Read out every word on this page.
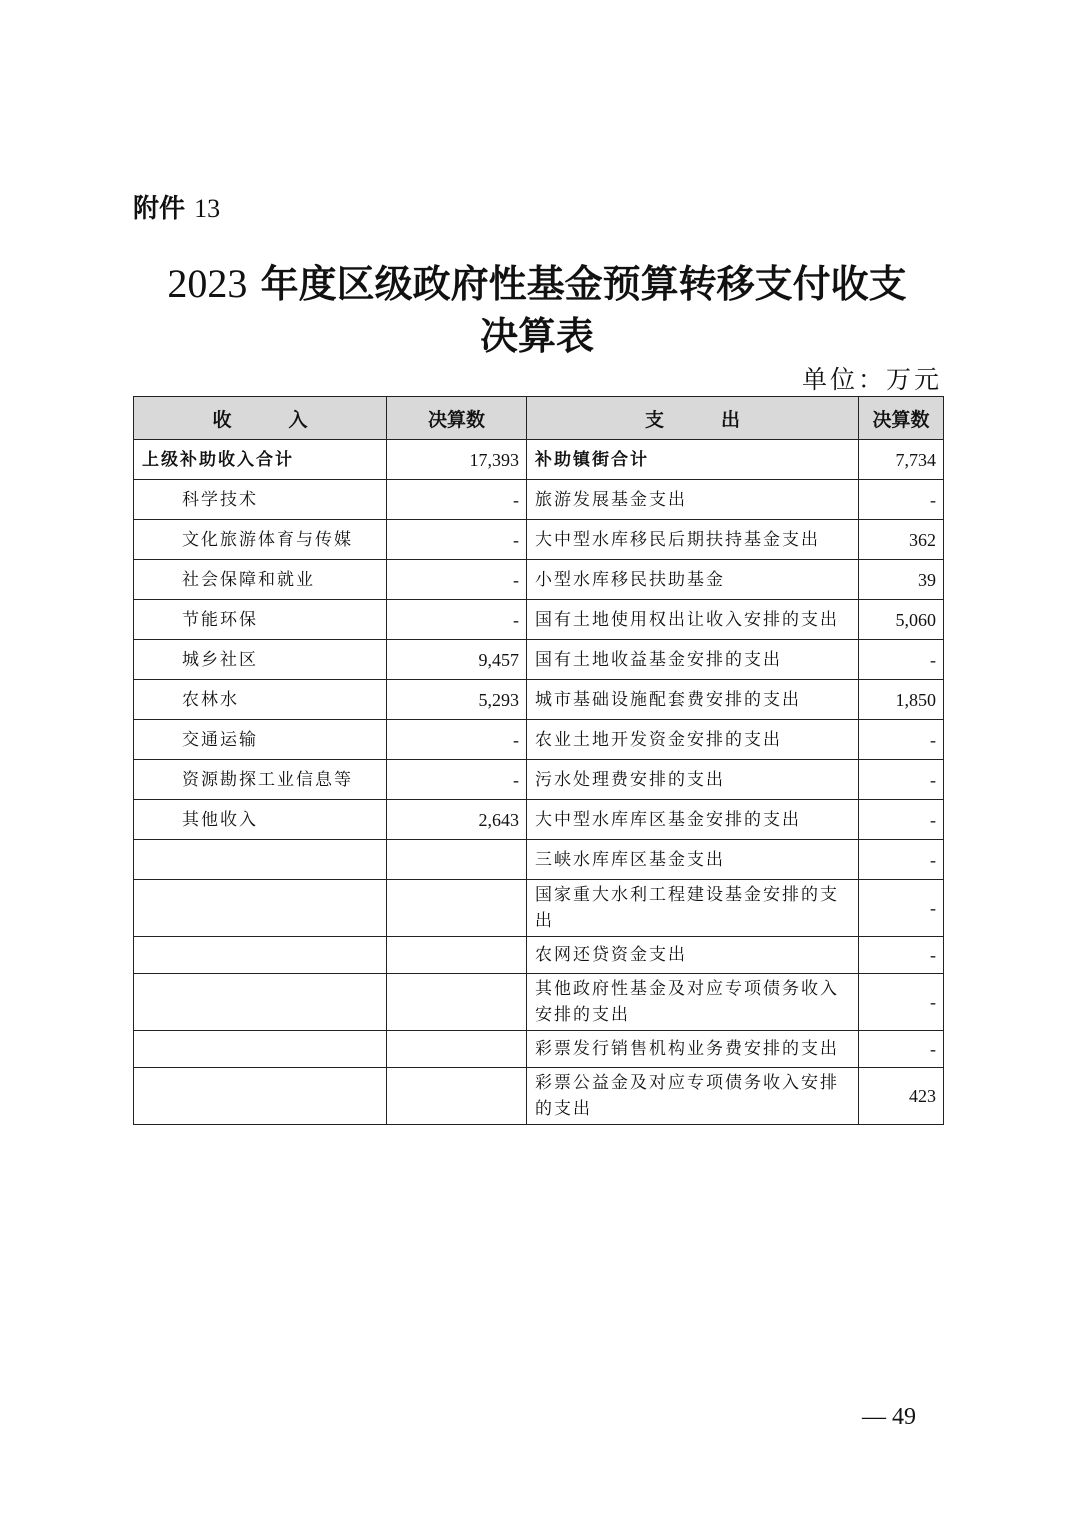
附件 13
2023 年度区级政府性基金预算转移支付收支
决算表
单位：万元
收　　　入	决算数	支　　　出	决算数
上级补助收入合计	17,393	补助镇街合计	7,734
科学技术	-	旅游发展基金支出	-
文化旅游体育与传媒	-	大中型水库移民后期扶持基金支出	362
社会保障和就业	-	小型水库移民扶助基金	39
节能环保	-	国有土地使用权出让收入安排的支出	5,060
城乡社区	9,457	国有土地收益基金安排的支出	-
农林水	5,293	城市基础设施配套费安排的支出	1,850
交通运输	-	农业土地开发资金安排的支出	-
资源勘探工业信息等	-	污水处理费安排的支出	-
其他收入	2,643	大中型水库库区基金安排的支出	-
		三峡水库库区基金支出	-
		国家重大水利工程建设基金安排的支出	-
		农网还贷资金支出	-
		其他政府性基金及对应专项债务收入安排的支出	-
		彩票发行销售机构业务费安排的支出	-
		彩票公益金及对应专项债务收入安排的支出	423
— 49
